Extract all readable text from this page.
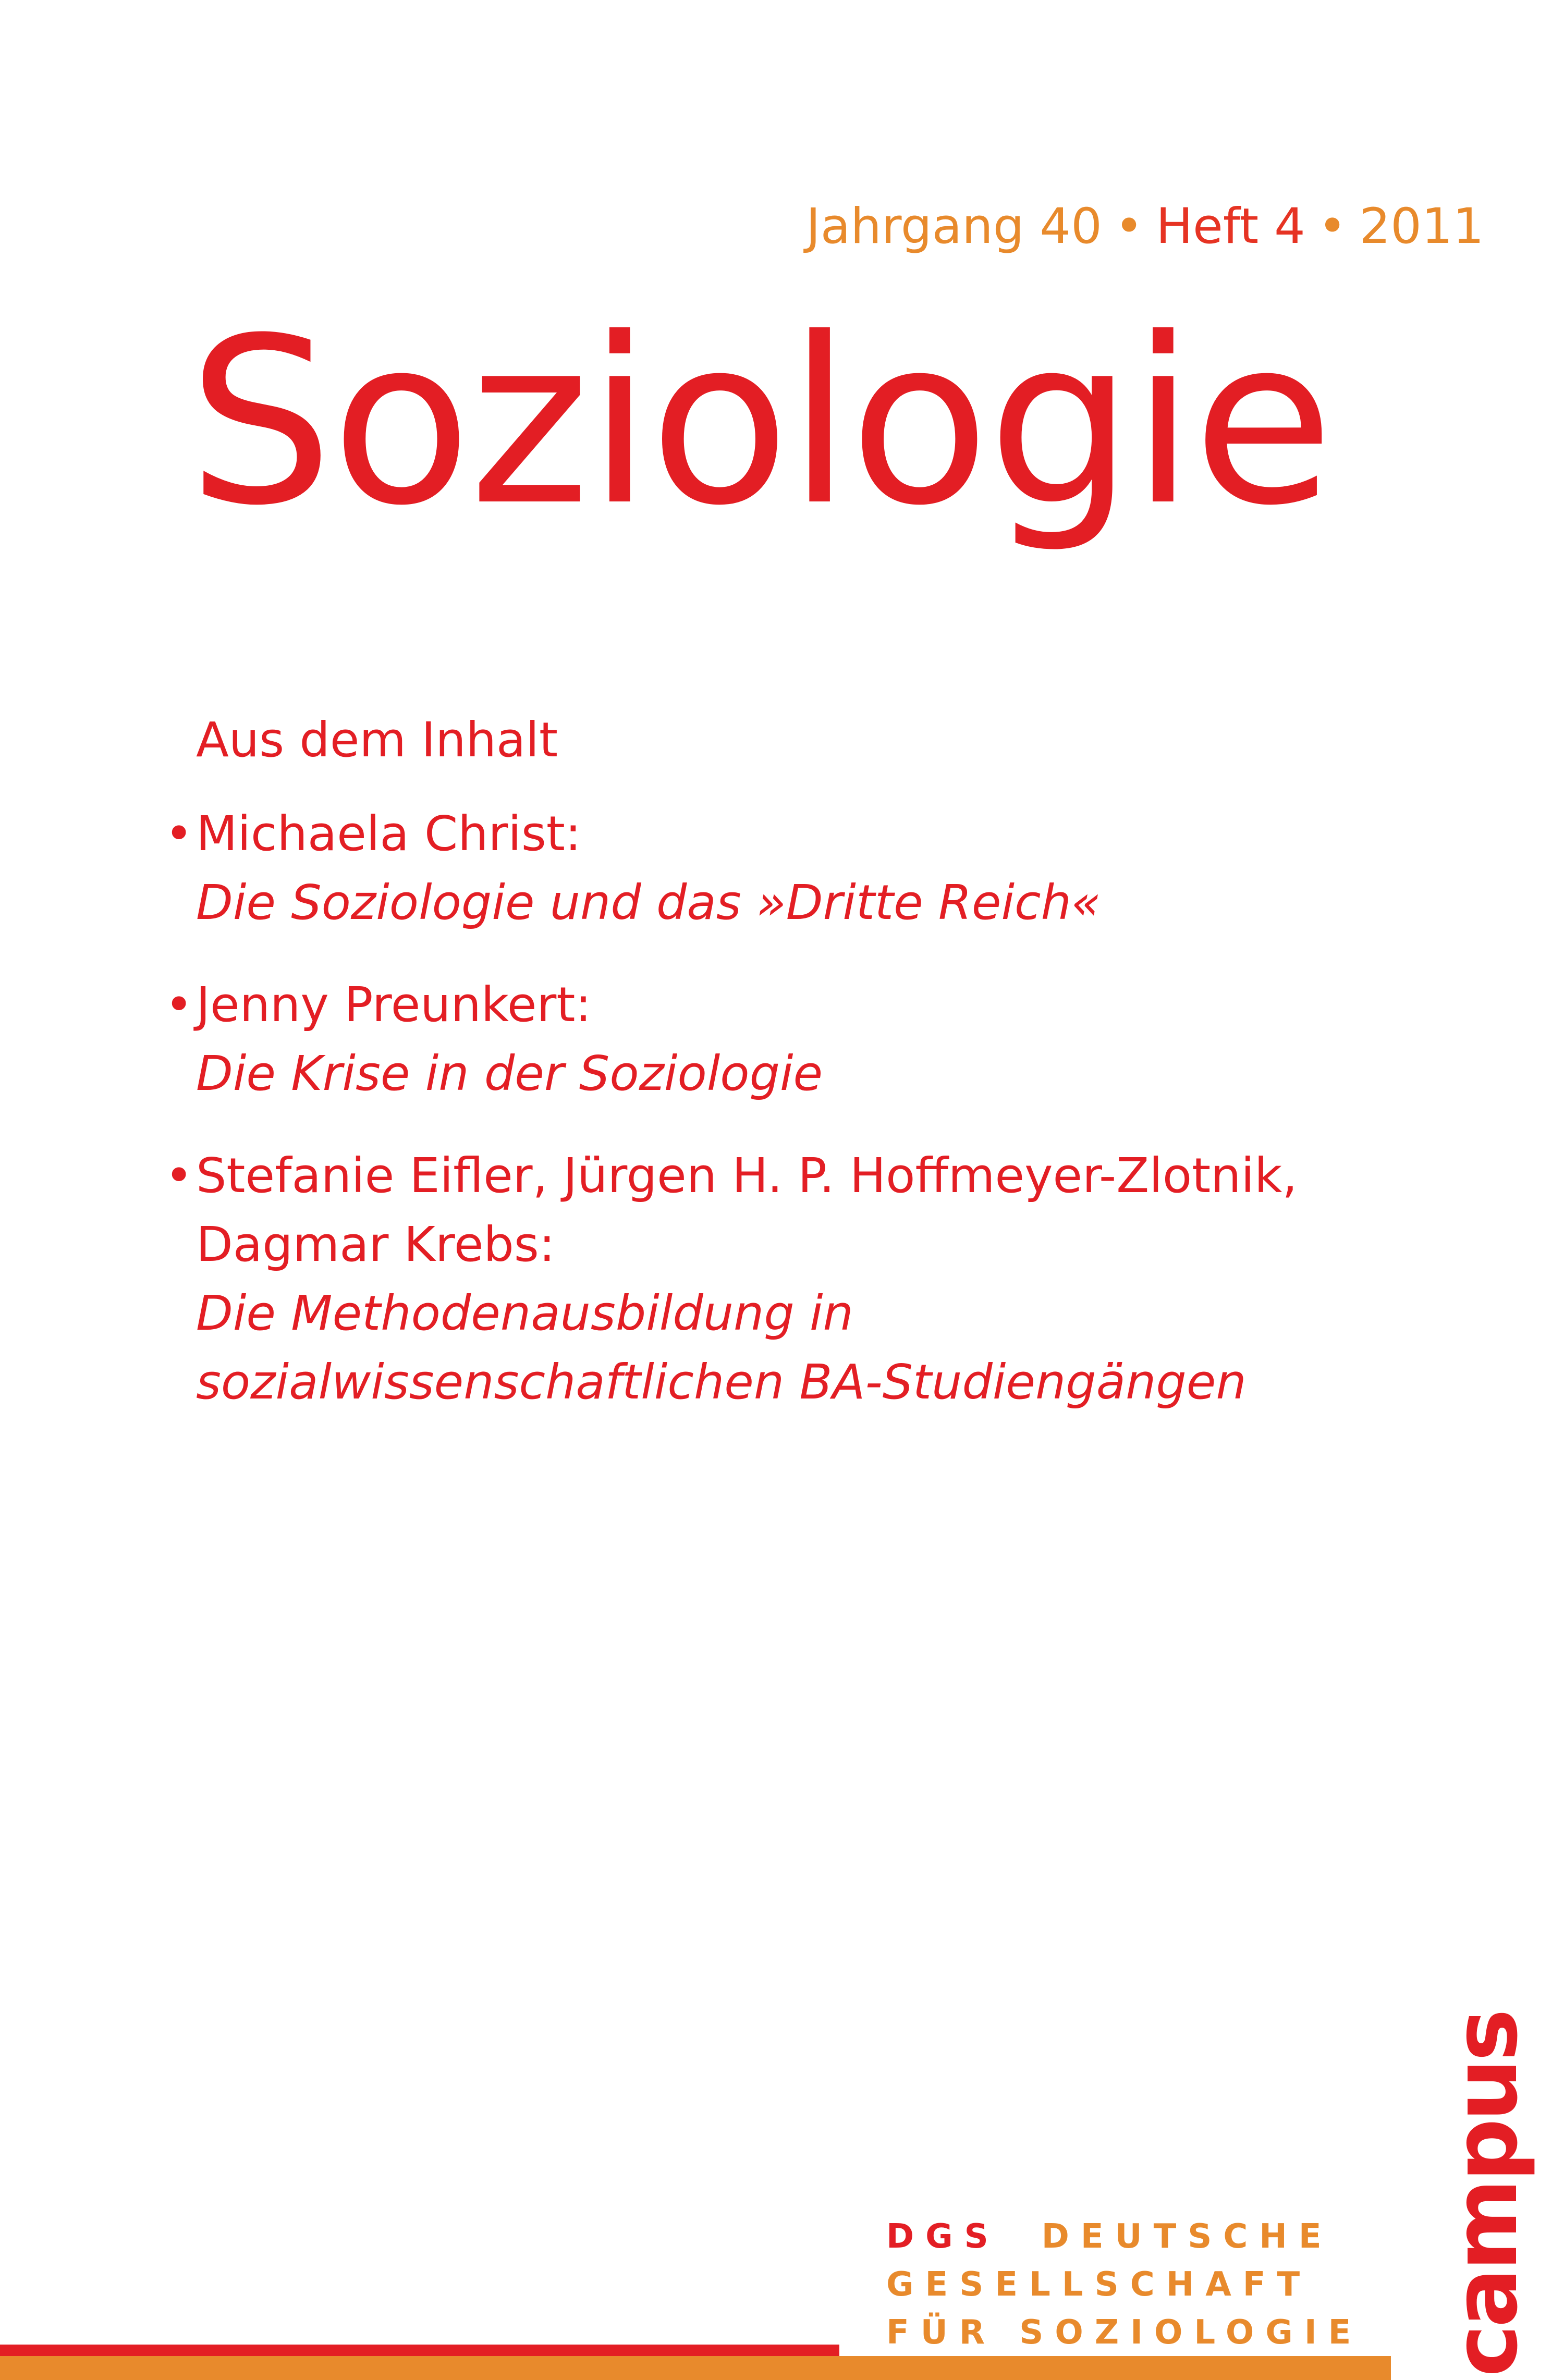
Jahrgang 40 • Heft 4 • 2011
Soziologie
Aus dem Inhalt
• Michaela Christ:
Die Soziologie und das »Dritte Reich«
• Jenny Preunkert:
Die Krise in der Soziologie
• Stefanie Eifler, Jürgen H. P. Hoffmeyer-Zlotnik,
Dagmar Krebs:
Die Methodenausbildung in
sozialwissenschaftlichen BA-Studiengängen
campus
DGS DEUTSCHE
GESELLSCHAFT
FÜR SOZIOLOGIE
